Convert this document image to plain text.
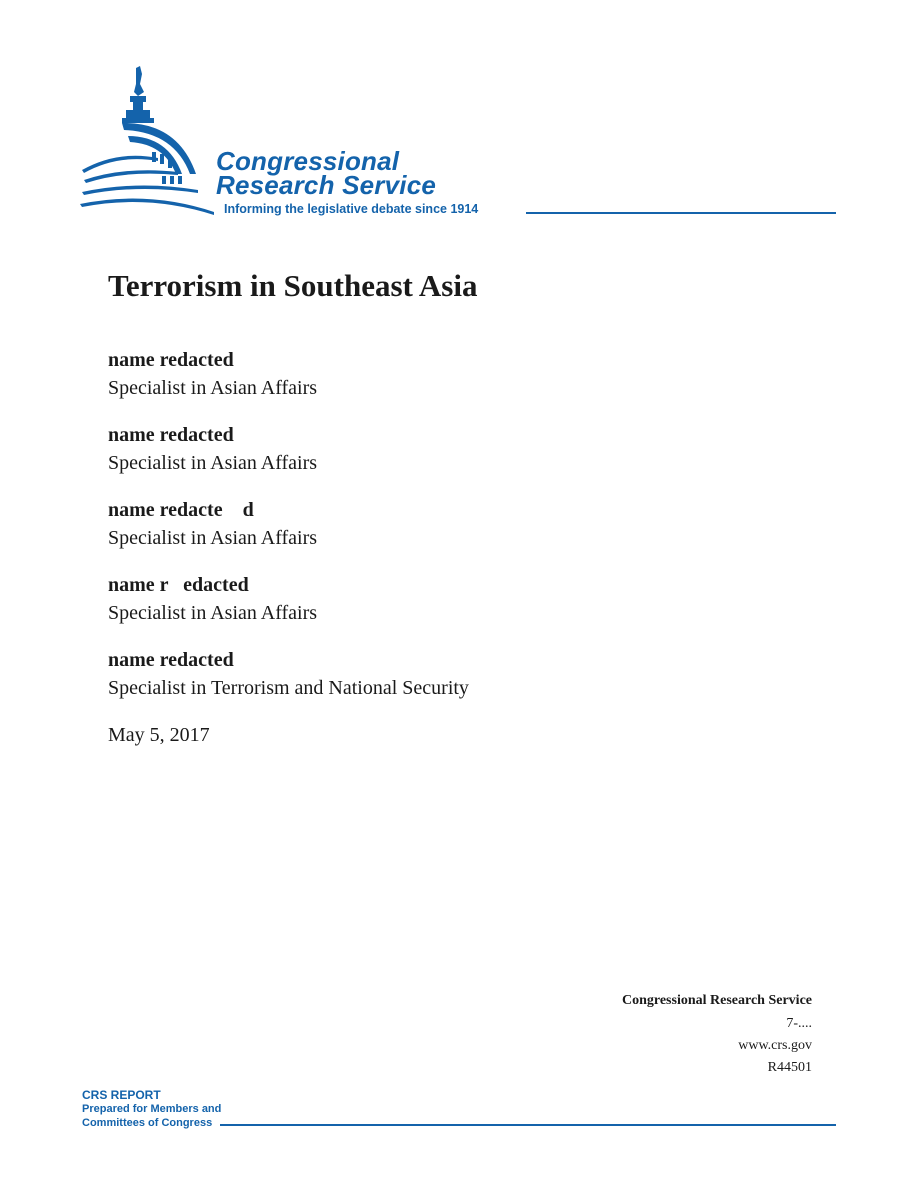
Congressional
Research Service
Informing the legislative debate since 1914
Terrorism in Southeast Asia
name redacted
Specialist in Asian Affairs
name redacted
Specialist in Asian Affairs
name redacte    d
Specialist in Asian Affairs
name r   edacted
Specialist in Asian Affairs
name redacted
Specialist in Terrorism and National Security
May 5, 2017
Congressional Research Service
7-....
www.crs.gov
R44501
CRS REPORT
Prepared for Members and
Committees of Congress
